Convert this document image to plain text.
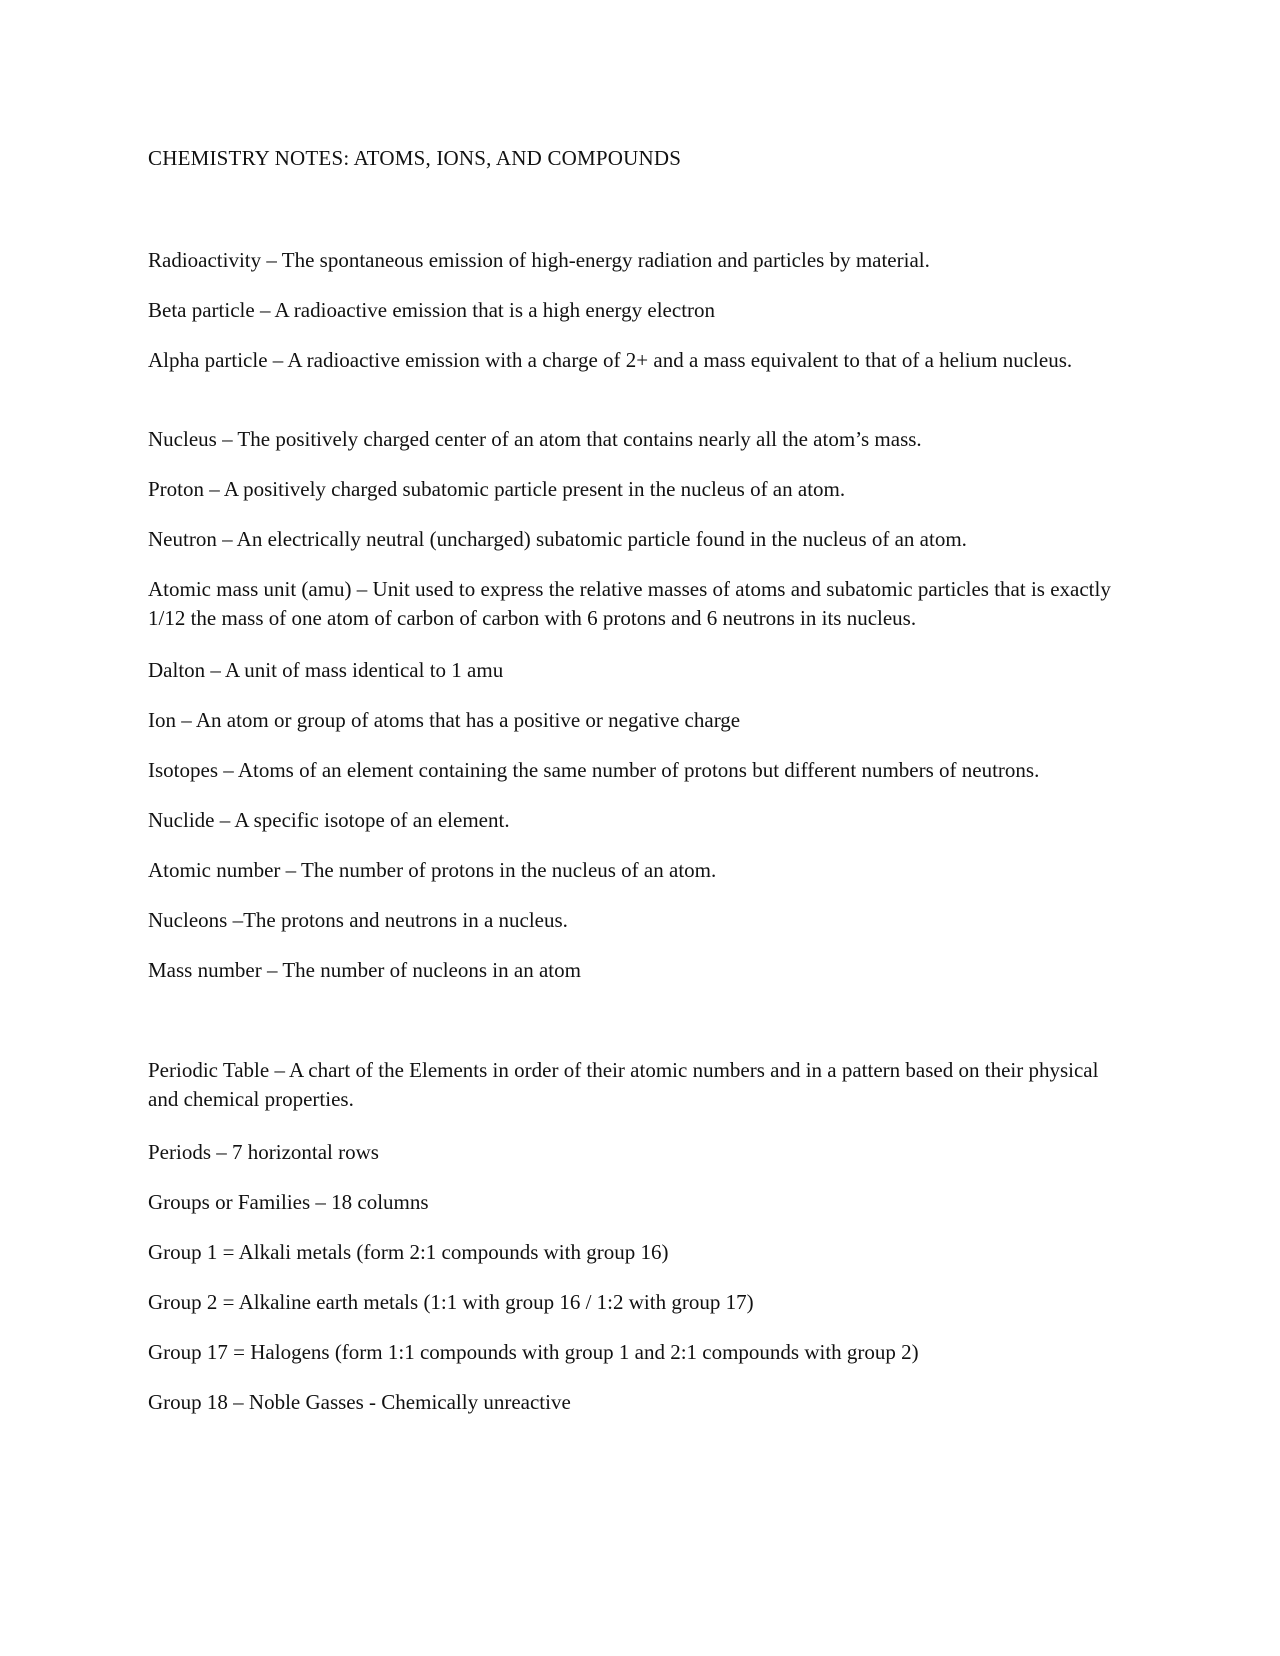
CHEMISTRY NOTES: ATOMS, IONS, AND COMPOUNDS
Radioactivity – The spontaneous emission of high-energy radiation and particles by material.
Beta particle – A radioactive emission that is a high energy electron
Alpha particle – A radioactive emission with a charge of 2+ and a mass equivalent to that of a helium nucleus.
Nucleus – The positively charged center of an atom that contains nearly all the atom’s mass.
Proton – A positively charged subatomic particle present in the nucleus of an atom.
Neutron – An electrically neutral (uncharged) subatomic particle found in the nucleus of an atom.
Atomic mass unit (amu) – Unit used to express the relative masses of atoms and subatomic particles that is exactly 1/12 the mass of one atom of carbon of carbon with 6 protons and 6 neutrons in its nucleus.
Dalton – A unit of mass identical to 1 amu
Ion – An atom or group of atoms that has a positive or negative charge
Isotopes – Atoms of an element containing the same number of protons but different numbers of neutrons.
Nuclide – A specific isotope of an element.
Atomic number – The number of protons in the nucleus of an atom.
Nucleons –The protons and neutrons in a nucleus.
Mass number – The number of nucleons in an atom
Periodic Table – A chart of the Elements in order of their atomic numbers and in a pattern based on their physical and chemical properties.
Periods – 7 horizontal rows
Groups or Families – 18 columns
Group 1 = Alkali metals (form 2:1 compounds with group 16)
Group 2 = Alkaline earth metals (1:1 with group 16 / 1:2 with group 17)
Group 17 = Halogens (form 1:1 compounds with group 1 and 2:1 compounds with group 2)
Group 18 – Noble Gasses - Chemically unreactive
